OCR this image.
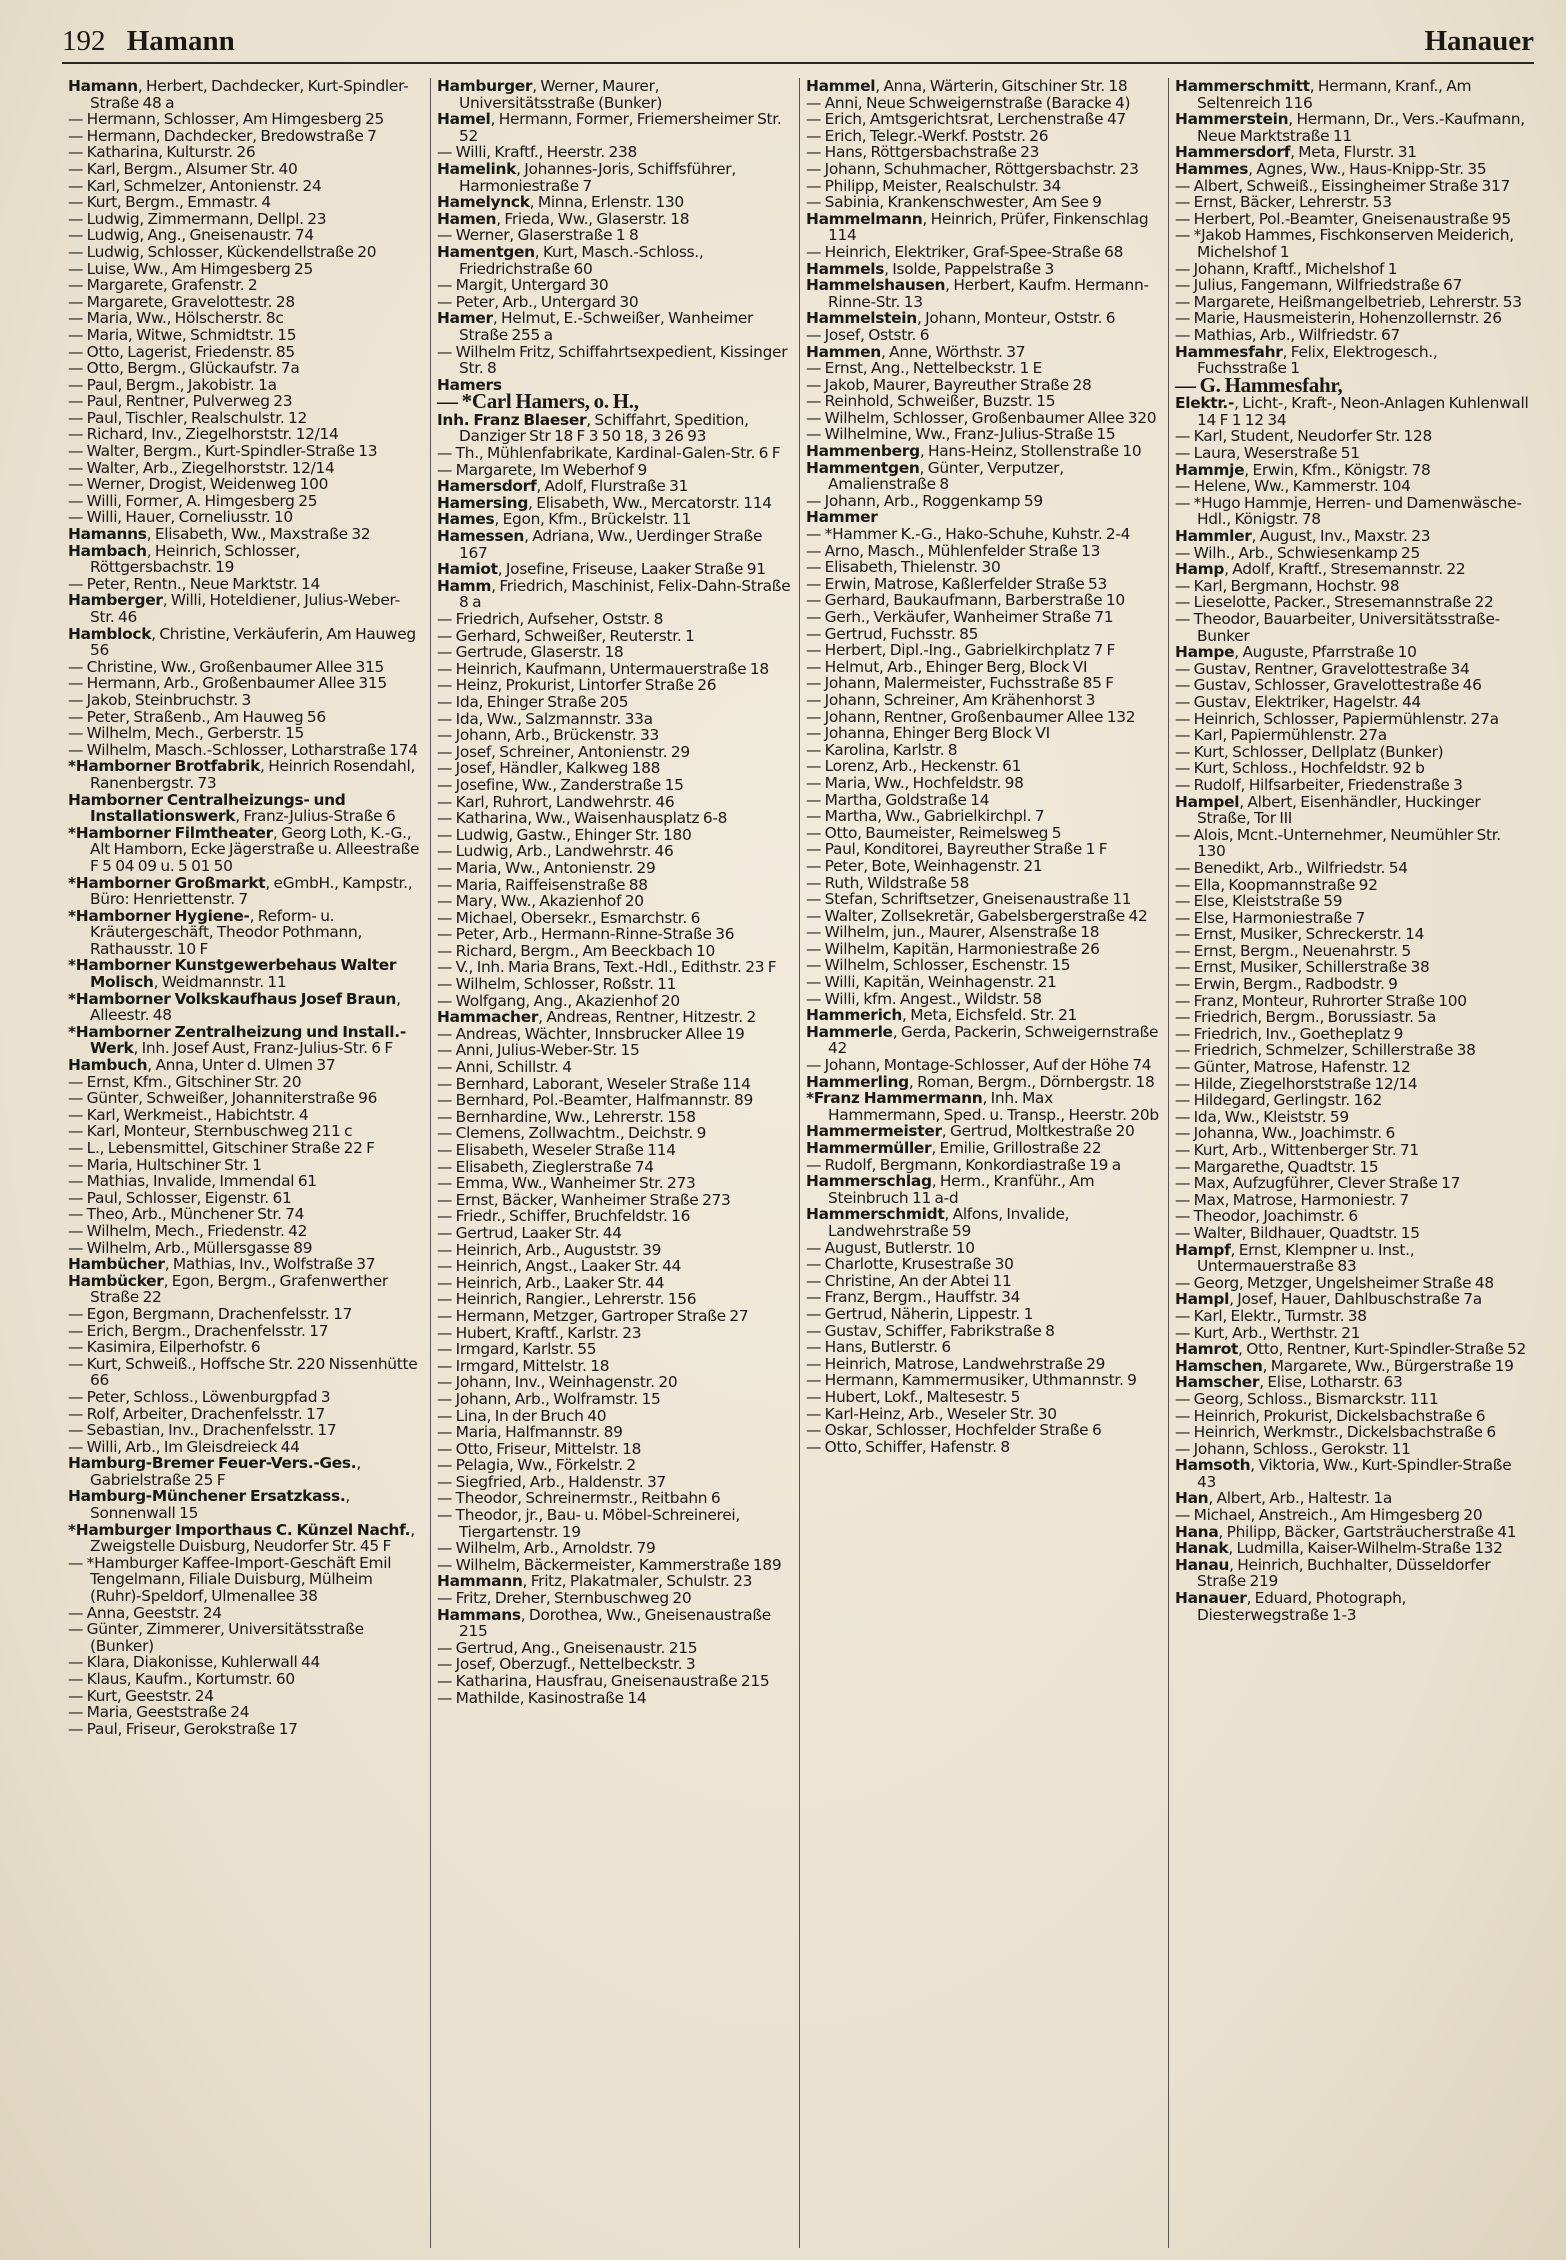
192 Hamann	Hanauer
Hamann, Herbert, Dachdecker, Kurt-Spindler-Straße 48 a
— Hermann, Schlosser, Am Himgesberg 25
— Hermann, Dachdecker, Bredowstraße 7
— Katharina, Kulturstr. 26
— Karl, Bergm., Alsumer Str. 40
— Karl, Schmelzer, Antonienstr. 24
— Kurt, Bergm., Emmastr. 4
— Ludwig, Zimmermann, Dellpl. 23
— Ludwig, Ang., Gneisenaustr. 74
— Ludwig, Schlosser, Kückendellstraße 20
— Luise, Ww., Am Himgesberg 25
— Margarete, Grafenstr. 2
— Margarete, Gravelottestr. 28
— Maria, Ww., Hölscherstr. 8c
— Maria, Witwe, Schmidtstr. 15
— Otto, Lagerist, Friedenstr. 85
— Otto, Bergm., Glückaufstr. 7a
— Paul, Bergm., Jakobistr. 1a
— Paul, Rentner, Pulverweg 23
— Paul, Tischler, Realschulstr. 12
— Richard, Inv., Ziegelhorststr. 12/14
— Walter, Bergm., Kurt-Spindler-Straße 13
— Walter, Arb., Ziegelhorststr. 12/14
— Werner, Drogist, Weidenweg 100
— Willi, Former, A. Himgesberg 25
— Willi, Hauer, Corneliusstr. 10
Hamanns, Elisabeth, Ww., Maxstraße 32
Hambach, Heinrich, Schlosser, Röttgersbachstr. 19
— Peter, Rentn., Neue Marktstr. 14
Hamberger, Willi, Hoteldiener, Julius-Weber-Str. 46
Hamblock, Christine, Verkäuferin, Am Hauweg 56
— Christine, Ww., Großenbaumer Allee 315
— Hermann, Arb., Großenbaumer Allee 315
— Jakob, Steinbruchstr. 3
— Peter, Straßenb., Am Hauweg 56
— Wilhelm, Mech., Gerberstr. 15
— Wilhelm, Masch.-Schlosser, Lotharstraße 174
*Hamborner Brotfabrik, Heinrich Rosendahl, Ranenbergstr. 73
Hamborner Centralheizungs- und Installationswerk, Franz-Julius-Straße 6
*Hamborner Filmtheater, Georg Loth, K.-G., Alt Hamborn, Ecke Jägerstraße u. Alleestraße F 5 04 09 u. 5 01 50
*Hamborner Großmarkt, eGmbH., Kampstr., Büro: Henriettenstr. 7
*Hamborner Hygiene-, Reform- u. Kräutergeschäft, Theodor Pothmann, Rathausstr. 10 F
*Hamborner Kunstgewerbehaus Walter Molisch, Weidmannstr. 11
*Hamborner Volkskaufhaus Josef Braun, Alleestr. 48
*Hamborner Zentralheizung und Install.-Werk, Inh. Josef Aust, Franz-Julius-Str. 6 F
Hambuch, Anna, Unter d. Ulmen 37
— Ernst, Kfm., Gitschiner Str. 20
— Günter, Schweißer, Johanniterstraße 96
— Karl, Werkmeist., Habichtstr. 4
— Karl, Monteur, Sternbuschweg 211 c
— L., Lebensmittel, Gitschiner Straße 22 F
— Maria, Hultschiner Str. 1
— Mathias, Invalide, Immendal 61
— Paul, Schlosser, Eigenstr. 61
— Theo, Arb., Münchener Str. 74
— Wilhelm, Mech., Friedenstr. 42
— Wilhelm, Arb., Müllersgasse 89
Hambücher, Mathias, Inv., Wolfstraße 37
Hambücker, Egon, Bergm., Grafenwerther Straße 22
— Egon, Bergmann, Drachenfelsstr. 17
— Erich, Bergm., Drachenfelsstr. 17
— Kasimira, Eilperhofstr. 6
— Kurt, Schweiß., Hoffsche Str. 220 Nissenhütte 66
— Peter, Schloss., Löwenburgpfad 3
— Rolf, Arbeiter, Drachenfelsstr. 17
— Sebastian, Inv., Drachenfelsstr. 17
— Willi, Arb., Im Gleisdreieck 44
Hamburg-Bremer Feuer-Vers.-Ges., Gabrielstraße 25 F
Hamburg-Münchener Ersatzkass., Sonnenwall 15
*Hamburger Importhaus C. Künzel Nachf., Zweigstelle Duisburg, Neudorfer Str. 45 F
— *Hamburger Kaffee-Import-Geschäft Emil Tengelmann, Filiale Duisburg, Mülheim (Ruhr)-Speldorf, Ulmenallee 38
— Anna, Geeststr. 24
— Günter, Zimmerer, Universitätsstraße (Bunker)
— Klara, Diakonisse, Kuhlerwall 44
— Klaus, Kaufm., Kortumstr. 60
— Kurt, Geeststr. 24
— Maria, Geeststraße 24
— Paul, Friseur, Gerokstraße 17
Hamburger, Werner, Maurer, Universitätsstraße (Bunker)
Hamel, Hermann, Former, Friemersheimer Str. 52
— Willi, Kraftf., Heerstr. 238
Hamelink, Johannes-Joris, Schiffsführer, Harmoniestraße 7
Hamelynck, Minna, Erlenstr. 130
Hamen, Frieda, Ww., Glaserstr. 18
— Werner, Glaserstraße 1 8
Hamentgen, Kurt, Masch.-Schloss., Friedrichstraße 60
— Margit, Untergard 30
— Peter, Arb., Untergard 30
Hamer, Helmut, E.-Schweißer, Wanheimer Straße 255 a
— Wilhelm Fritz, Schiffahrtsexpedient, Kissinger Str. 8
Hamers
— *Carl Hamers, o. H.,
Inh. Franz Blaeser, Schiffahrt, Spedition, Danziger Str 18 F 3 50 18, 3 26 93
— Th., Mühlenfabrikate, Kardinal-Galen-Str. 6 F
— Margarete, Im Weberhof 9
Hamersdorf, Adolf, Flurstraße 31
Hamersing, Elisabeth, Ww., Mercatorstr. 114
Hames, Egon, Kfm., Brückelstr. 11
Hamessen, Adriana, Ww., Uerdinger Straße 167
Hamiot, Josefine, Friseuse, Laaker Straße 91
Hamm, Friedrich, Maschinist, Felix-Dahn-Straße 8 a
— Friedrich, Aufseher, Oststr. 8
— Gerhard, Schweißer, Reuterstr. 1
— Gertrude, Glaserstr. 18
— Heinrich, Kaufmann, Untermauerstraße 18
— Heinz, Prokurist, Lintorfer Straße 26
— Ida, Ehinger Straße 205
— Ida, Ww., Salzmannstr. 33a
— Johann, Arb., Brückenstr. 33
— Josef, Schreiner, Antonienstr. 29
— Josef, Händler, Kalkweg 188
— Josefine, Ww., Zanderstraße 15
— Karl, Ruhrort, Landwehrstr. 46
— Katharina, Ww., Waisenhausplatz 6-8
— Ludwig, Gastw., Ehinger Str. 180
— Ludwig, Arb., Landwehrstr. 46
— Maria, Ww., Antonienstr. 29
— Maria, Raiffeisenstraße 88
— Mary, Ww., Akazienhof 20
— Michael, Obersekr., Esmarchstr. 6
— Peter, Arb., Hermann-Rinne-Straße 36
— Richard, Bergm., Am Beeckbach 10
— V., Inh. Maria Brans, Text.-Hdl., Edithstr. 23 F
— Wilhelm, Schlosser, Roßstr. 11
— Wolfgang, Ang., Akazienhof 20
Hammacher, Andreas, Rentner, Hitzestr. 2
— Andreas, Wächter, Innsbrucker Allee 19
— Anni, Julius-Weber-Str. 15
— Anni, Schillstr. 4
— Bernhard, Laborant, Weseler Straße 114
— Bernhard, Pol.-Beamter, Halfmannstr. 89
— Bernhardine, Ww., Lehrerstr. 158
— Clemens, Zollwachtm., Deichstr. 9
— Elisabeth, Weseler Straße 114
— Elisabeth, Zieglerstraße 74
— Emma, Ww., Wanheimer Str. 273
— Ernst, Bäcker, Wanheimer Straße 273
— Friedr., Schiffer, Bruchfeldstr. 16
— Gertrud, Laaker Str. 44
— Heinrich, Arb., Auguststr. 39
— Heinrich, Angst., Laaker Str. 44
— Heinrich, Arb., Laaker Str. 44
— Heinrich, Rangier., Lehrerstr. 156
— Hermann, Metzger, Gartroper Straße 27
— Hubert, Kraftf., Karlstr. 23
— Irmgard, Karlstr. 55
— Irmgard, Mittelstr. 18
— Johann, Inv., Weinhagenstr. 20
— Johann, Arb., Wolframstr. 15
— Lina, In der Bruch 40
— Maria, Halfmannstr. 89
— Otto, Friseur, Mittelstr. 18
— Pelagia, Ww., Förkelstr. 2
— Siegfried, Arb., Haldenstr. 37
— Theodor, Schreinermstr., Reitbahn 6
— Theodor, jr., Bau- u. Möbel-Schreinerei, Tiergartenstr. 19
— Wilhelm, Arb., Arnoldstr. 79
— Wilhelm, Bäckermeister, Kammerstraße 189
Hammann, Fritz, Plakatmaler, Schulstr. 23
— Fritz, Dreher, Sternbuschweg 20
Hammans, Dorothea, Ww., Gneisenaustraße 215
— Gertrud, Ang., Gneisenaustr. 215
— Josef, Oberzugf., Nettelbeckstr. 3
— Katharina, Hausfrau, Gneisenaustraße 215
— Mathilde, Kasinostraße 14
Hammel, Anna, Wärterin, Gitschiner Str. 18
— Anni, Neue Schweigernstraße (Baracke 4)
— Erich, Amtsgerichtsrat, Lerchenstraße 47
— Erich, Telegr.-Werkf. Poststr. 26
— Hans, Röttgersbachstraße 23
— Johann, Schuhmacher, Röttgersbachstr. 23
— Philipp, Meister, Realschulstr. 34
— Sabinia, Krankenschwester, Am See 9
Hammelmann, Heinrich, Prüfer, Finkenschlag 114
— Heinrich, Elektriker, Graf-Spee-Straße 68
Hammels, Isolde, Pappelstraße 3
Hammelshausen, Herbert, Kaufm. Hermann-Rinne-Str. 13
Hammelstein, Johann, Monteur, Oststr. 6
— Josef, Oststr. 6
Hammen, Anne, Wörthstr. 37
— Ernst, Ang., Nettelbeckstr. 1 E
— Jakob, Maurer, Bayreuther Straße 28
— Reinhold, Schweißer, Buzstr. 15
— Wilhelm, Schlosser, Großenbaumer Allee 320
— Wilhelmine, Ww., Franz-Julius-Straße 15
Hammenberg, Hans-Heinz, Stollenstraße 10
Hammentgen, Günter, Verputzer, Amalienstraße 8
— Johann, Arb., Roggenkamp 59
Hammer
— *Hammer K.-G., Hako-Schuhe, Kuhstr. 2-4
— Arno, Masch., Mühlenfelder Straße 13
— Elisabeth, Thielenstr. 30
— Erwin, Matrose, Kaßlerfelder Straße 53
— Gerhard, Baukaufmann, Barberstraße 10
— Gerh., Verkäufer, Wanheimer Straße 71
— Gertrud, Fuchsstr. 85
— Herbert, Dipl.-Ing., Gabrielkirchplatz 7 F
— Helmut, Arb., Ehinger Berg, Block VI
— Johann, Malermeister, Fuchsstraße 85 F
— Johann, Schreiner, Am Krähenhorst 3
— Johann, Rentner, Großenbaumer Allee 132
— Johanna, Ehinger Berg Block VI
— Karolina, Karlstr. 8
— Lorenz, Arb., Heckenstr. 61
— Maria, Ww., Hochfeldstr. 98
— Martha, Goldstraße 14
— Martha, Ww., Gabrielkirchpl. 7
— Otto, Baumeister, Reimelsweg 5
— Paul, Konditorei, Bayreuther Straße 1 F
— Peter, Bote, Weinhagenstr. 21
— Ruth, Wildstraße 58
— Stefan, Schriftsetzer, Gneisenaustraße 11
— Walter, Zollsekretär, Gabelsbergerstraße 42
— Wilhelm, jun., Maurer, Alsenstraße 18
— Wilhelm, Kapitän, Harmoniestraße 26
— Wilhelm, Schlosser, Eschenstr. 15
— Willi, Kapitän, Weinhagenstr. 21
— Willi, kfm. Angest., Wildstr. 58
Hammerich, Meta, Eichsfeld. Str. 21
Hammerle, Gerda, Packerin, Schweigernstraße 42
— Johann, Montage-Schlosser, Auf der Höhe 74
Hammerling, Roman, Bergm., Dörnbergstr. 18
*Franz Hammermann, Inh. Max Hammermann, Sped. u. Transp., Heerstr. 20b
Hammermeister, Gertrud, Moltkestraße 20
Hammermüller, Emilie, Grillostraße 22
— Rudolf, Bergmann, Konkordiastraße 19 a
Hammerschlag, Herm., Kranführ., Am Steinbruch 11 a-d
Hammerschmidt, Alfons, Invalide, Landwehrstraße 59
— August, Butlerstr. 10
— Charlotte, Krusestraße 30
— Christine, An der Abtei 11
— Franz, Bergm., Hauffstr. 34
— Gertrud, Näherin, Lippestr. 1
— Gustav, Schiffer, Fabrikstraße 8
— Hans, Butlerstr. 6
— Heinrich, Matrose, Landwehrstraße 29
— Hermann, Kammermusiker, Uthmannstr. 9
— Hubert, Lokf., Maltesestr. 5
— Karl-Heinz, Arb., Weseler Str. 30
— Oskar, Schlosser, Hochfelder Straße 6
— Otto, Schiffer, Hafenstr. 8
Hammerschmitt, Hermann, Kranf., Am Seltenreich 116
Hammerstein, Hermann, Dr., Vers.-Kaufmann, Neue Marktstraße 11
Hammersdorf, Meta, Flurstr. 31
Hammes, Agnes, Ww., Haus-Knipp-Str. 35
— Albert, Schweiß., Eissingheimer Straße 317
— Ernst, Bäcker, Lehrerstr. 53
— Herbert, Pol.-Beamter, Gneisenaustraße 95
— *Jakob Hammes, Fischkonserven Meiderich, Michelshof 1
— Johann, Kraftf., Michelshof 1
— Julius, Fangemann, Wilfriedstraße 67
— Margarete, Heißmangelbetrieb, Lehrerstr. 53
— Marie, Hausmeisterin, Hohenzollernstr. 26
— Mathias, Arb., Wilfriedstr. 67
Hammesfahr, Felix, Elektrogesch., Fuchsstraße 1
— G. Hammesfahr,
Elektr.-, Licht-, Kraft-, Neon-Anlagen Kuhlenwall 14 F 1 12 34
— Karl, Student, Neudorfer Str. 128
— Laura, Weserstraße 51
Hammje, Erwin, Kfm., Königstr. 78
— Helene, Ww., Kammerstr. 104
— *Hugo Hammje, Herren- und Damenwäsche-Hdl., Königstr. 78
Hammler, August, Inv., Maxstr. 23
— Wilh., Arb., Schwiesenkamp 25
Hamp, Adolf, Kraftf., Stresemannstr. 22
— Karl, Bergmann, Hochstr. 98
— Lieselotte, Packer., Stresemannstraße 22
— Theodor, Bauarbeiter, Universitätsstraße-Bunker
Hampe, Auguste, Pfarrstraße 10
— Gustav, Rentner, Gravelottestraße 34
— Gustav, Schlosser, Gravelottestraße 46
— Gustav, Elektriker, Hagelstr. 44
— Heinrich, Schlosser, Papiermühlenstr. 27a
— Karl, Papiermühlenstr. 27a
— Kurt, Schlosser, Dellplatz (Bunker)
— Kurt, Schloss., Hochfeldstr. 92 b
— Rudolf, Hilfsarbeiter, Friedenstraße 3
Hampel, Albert, Eisenhändler, Huckinger Straße, Tor III
— Alois, Mcnt.-Unternehmer, Neumühler Str. 130
— Benedikt, Arb., Wilfriedstr. 54
— Ella, Koopmannstraße 92
— Else, Kleiststraße 59
— Else, Harmoniestraße 7
— Ernst, Musiker, Schreckerstr. 14
— Ernst, Bergm., Neuenahrstr. 5
— Ernst, Musiker, Schillerstraße 38
— Erwin, Bergm., Radbodstr. 9
— Franz, Monteur, Ruhrorter Straße 100
— Friedrich, Bergm., Borussiastr. 5a
— Friedrich, Inv., Goetheplatz 9
— Friedrich, Schmelzer, Schillerstraße 38
— Günter, Matrose, Hafenstr. 12
— Hilde, Ziegelhorststraße 12/14
— Hildegard, Gerlingstr. 162
— Ida, Ww., Kleiststr. 59
— Johanna, Ww., Joachimstr. 6
— Kurt, Arb., Wittenberger Str. 71
— Margarethe, Quadtstr. 15
— Max, Aufzugführer, Clever Straße 17
— Max, Matrose, Harmoniestr. 7
— Theodor, Joachimstr. 6
— Walter, Bildhauer, Quadtstr. 15
Hampf, Ernst, Klempner u. Inst., Untermauerstraße 83
— Georg, Metzger, Ungelsheimer Straße 48
Hampl, Josef, Hauer, Dahlbuschstraße 7a
— Karl, Elektr., Turmstr. 38
— Kurt, Arb., Werthstr. 21
Hamrot, Otto, Rentner, Kurt-Spindler-Straße 52
Hamschen, Margarete, Ww., Bürgerstraße 19
Hamscher, Elise, Lotharstr. 63
— Georg, Schloss., Bismarckstr. 111
— Heinrich, Prokurist, Dickelsbachstraße 6
— Heinrich, Werkmstr., Dickelsbachstraße 6
— Johann, Schloss., Gerokstr. 11
Hamsoth, Viktoria, Ww., Kurt-Spindler-Straße 43
Han, Albert, Arb., Haltestr. 1a
— Michael, Anstreich., Am Himgesberg 20
Hana, Philipp, Bäcker, Gartsträucherstraße 41
Hanak, Ludmilla, Kaiser-Wilhelm-Straße 132
Hanau, Heinrich, Buchhalter, Düsseldorfer Straße 219
Hanauer, Eduard, Photograph, Diesterwegstraße 1-3
